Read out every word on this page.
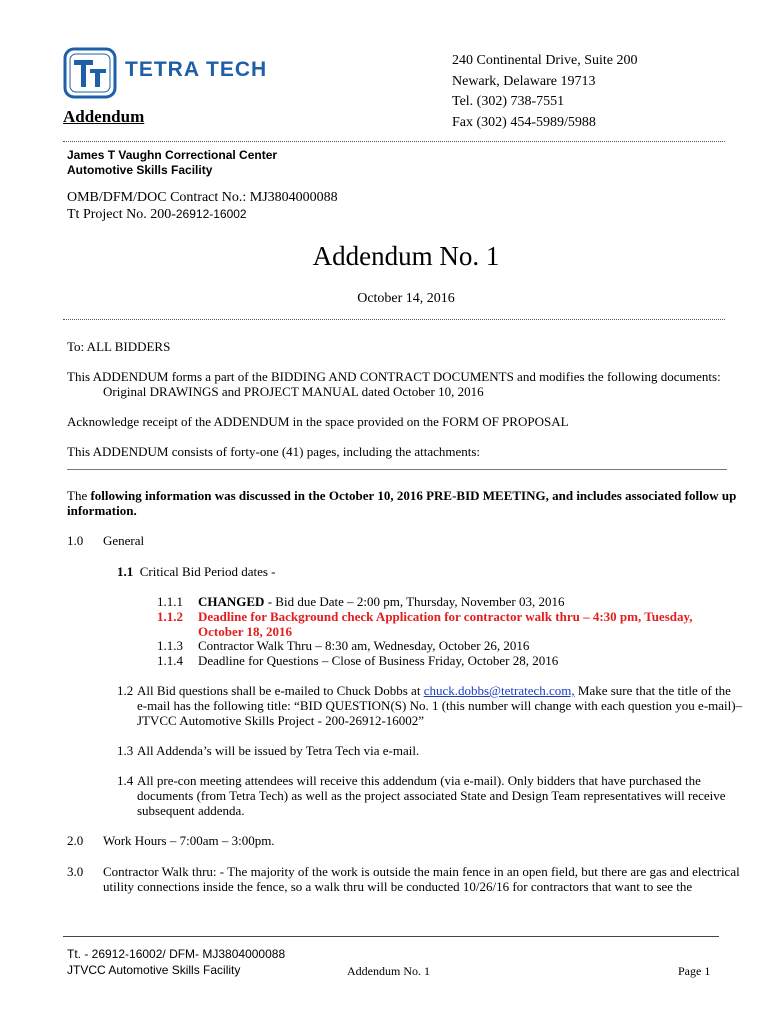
TETRA TECH
Addendum
240 Continental Drive, Suite 200
Newark, Delaware 19713
Tel. (302) 738-7551
Fax (302) 454-5989/5988
James T Vaughn Correctional Center
Automotive Skills Facility
OMB/DFM/DOC Contract No.: MJ3804000088
Tt Project No. 200-26912-16002
Addendum No. 1
October 14, 2016
To: ALL BIDDERS
This ADDENDUM forms a part of the BIDDING AND CONTRACT DOCUMENTS and modifies the following documents:
Original DRAWINGS and PROJECT MANUAL dated October 10, 2016
Acknowledge receipt of the ADDENDUM in the space provided on the FORM OF PROPOSAL
This ADDENDUM consists of forty-one (41) pages, including the attachments:
The following information was discussed in the October 10, 2016 PRE-BID MEETING, and includes associated follow up
information.
1.0 General
1.1 Critical Bid Period dates -
1.1.1 CHANGED - Bid due Date – 2:00 pm, Thursday, November 03, 2016
1.1.2 Deadline for Background check Application for contractor walk thru – 4:30 pm, Tuesday,
October 18, 2016
1.1.3 Contractor Walk Thru – 8:30 am, Wednesday, October 26, 2016
1.1.4 Deadline for Questions – Close of Business Friday, October 28, 2016
1.2 All Bid questions shall be e-mailed to Chuck Dobbs at chuck.dobbs@tetratech.com, Make sure that the title of the
e-mail has the following title: “BID QUESTION(S) No. 1 (this number will change with each question you e-mail)–
JTVCC Automotive Skills Project - 200-26912-16002”
1.3 All Addenda’s will be issued by Tetra Tech via e-mail.
1.4 All pre-con meeting attendees will receive this addendum (via e-mail). Only bidders that have purchased the
documents (from Tetra Tech) as well as the project associated State and Design Team representatives will receive
subsequent addenda.
2.0 Work Hours – 7:00am – 3:00pm.
3.0 Contractor Walk thru: - The majority of the work is outside the main fence in an open field, but there are gas and electrical
utility connections inside the fence, so a walk thru will be conducted 10/26/16 for contractors that want to see the
Tt. - 26912-16002/ DFM- MJ3804000088
JTVCC Automotive Skills Facility	Addendum No. 1	Page 1
